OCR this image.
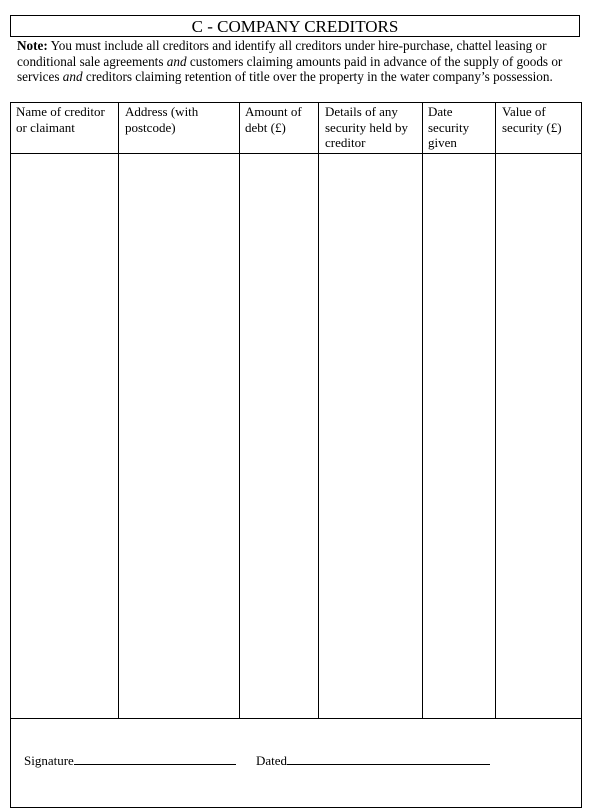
C - COMPANY CREDITORS
Note: You must include all creditors and identify all creditors under hire-purchase, chattel leasing or conditional sale agreements and customers claiming amounts paid in advance of the supply of goods or services and creditors claiming retention of title over the property in the water company’s possession.
Name of creditor or claimant
Address (with postcode)
Amount of debt (£)
Details of any security held by creditor
Date security given
Value of security (£)
Signature	Dated
